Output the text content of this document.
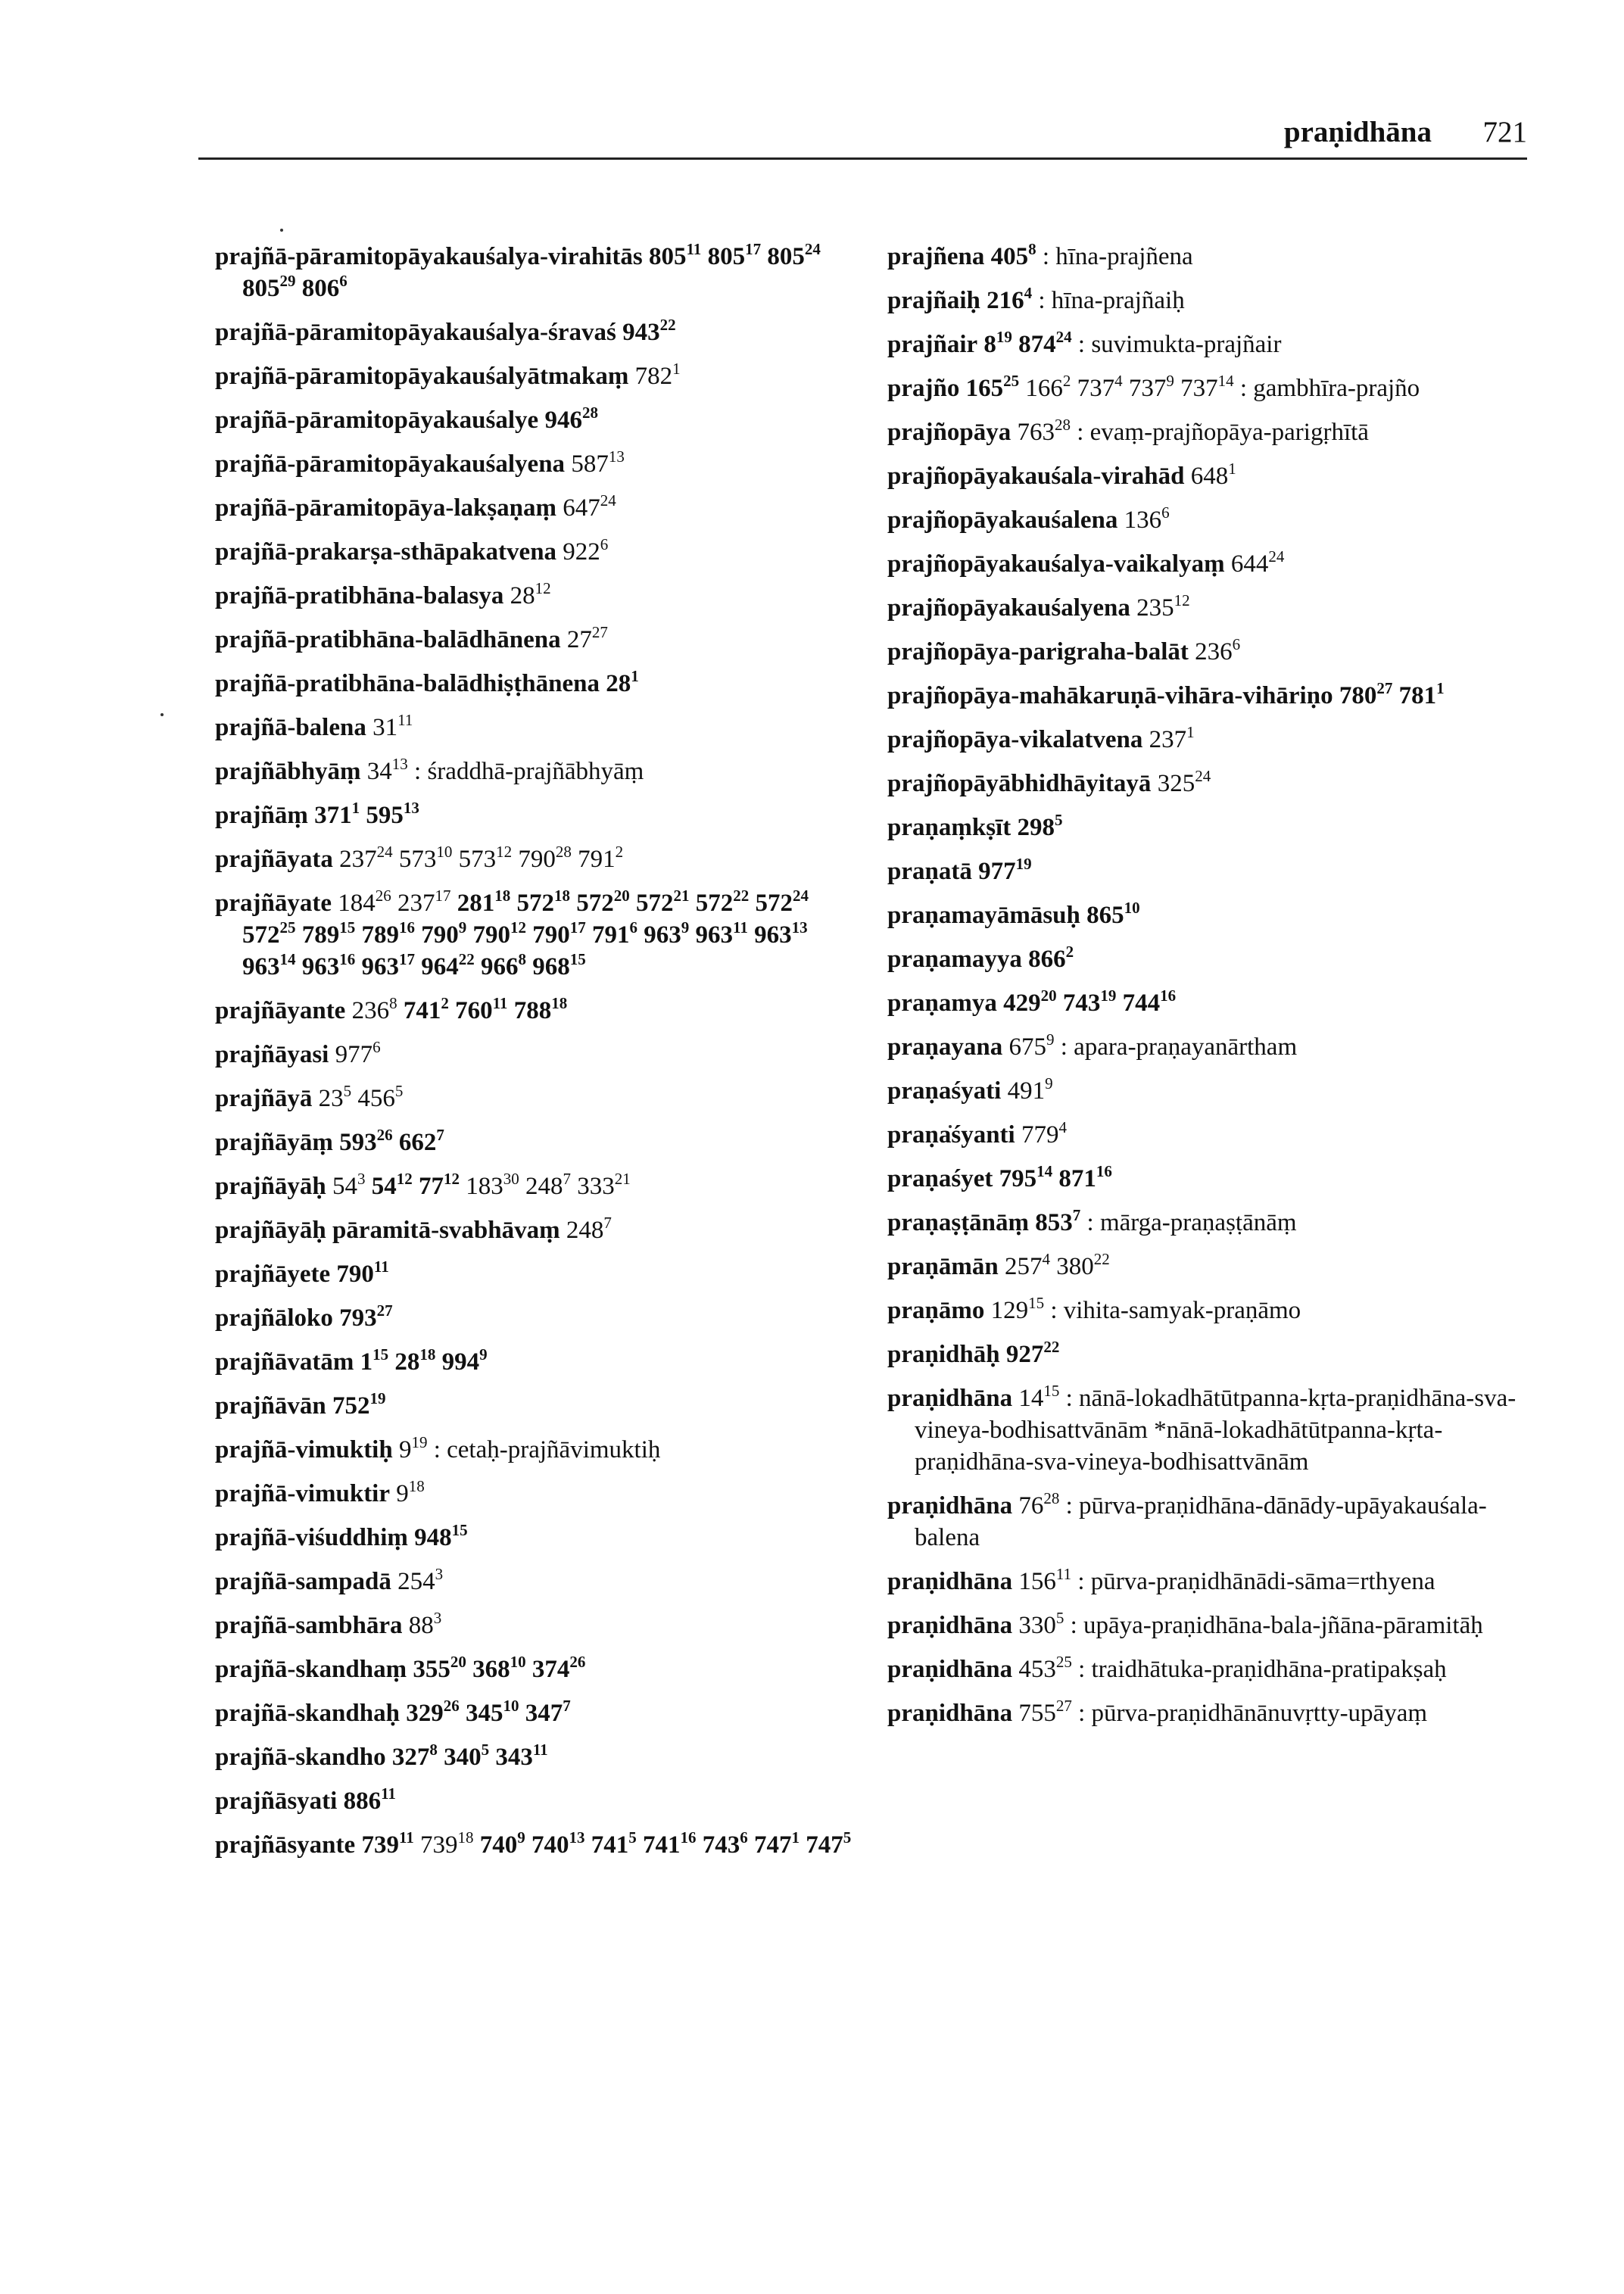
praṇidhāna 721
prajñā-pāramitopāyakauśalya-virahitās $805^{11}$ $805^{17}$ $805^{24}$ $805^{29}$ $806^6$
prajñā-pāramitopāyakauśalya-śravaś $943^{22}$
prajñā-pāramitopāyakauśalyātmakaṃ $782^1$
prajñā-pāramitopāyakauśalye $946^{28}$
prajñā-pāramitopāyakauśalyena $587^{13}$
prajñā-pāramitopāya-lakṣaṇaṃ $647^{24}$
prajñā-prakarṣa-sthāpakatvena $922^6$
prajñā-pratibhāna-balasya $28^{12}$
prajñā-pratibhāna-balādhānena $27^{27}$
prajñā-pratibhāna-balādhiṣṭhānena $28^1$
prajñā-balena $31^{11}$
prajñābhyāṃ $34^{13}$ : śraddhā-prajñābhyāṃ
prajñāṃ $371^1$ $595^{13}$
prajñāyata $237^{24}$ $573^{10}$ $573^{12}$ $790^{28}$ $791^2$
prajñāyate $184^{26}$ $237^{17}$ $281^{18}$ $572^{18}$ $572^{20}$ $572^{21}$ $572^{22}$ $572^{24}$ $572^{25}$ $789^{15}$ $789^{16}$ $790^9$ $790^{12}$ $790^{17}$ $791^6$ $963^9$ $963^{11}$ $963^{13}$ $963^{14}$ $963^{16}$ $963^{17}$ $964^{22}$ $966^8$ $968^{15}$
prajñāyante $236^8$ $741^2$ $760^{11}$ $788^{18}$
prajñāyasi $977^6$
prajñāyā $23^5$ $456^5$
prajñāyāṃ $593^{26}$ $662^7$
prajñāyāḥ $54^3$ $54^{12}$ $77^{12}$ $183^{30}$ $248^7$ $333^{21}$
prajñāyāḥ pāramitā-svabhāvaṃ $248^7$
prajñāyete $790^{11}$
prajñāloko $793^{27}$
prajñāvatām $1^{15}$ $28^{18}$ $994^9$
prajñāvān $752^{19}$
prajñā-vimuktiḥ $9^{19}$ : cetaḥ-prajñāvimuktiḥ
prajñā-vimuktir $9^{18}$
prajñā-viśuddhiṃ $948^{15}$
prajñā-sampadā $254^3$
prajñā-sambhāra $88^3$
prajñā-skandhaṃ $355^{20}$ $368^{10}$ $374^{26}$
prajñā-skandhaḥ $329^{26}$ $345^{10}$ $347^7$
prajñā-skandho $327^8$ $340^5$ $343^{11}$
prajñāsyati $886^{11}$
prajñāsyante $739^{11}$ $739^{18}$ $740^9$ $740^{13}$ $741^5$ $741^{16}$ $743^6$ $747^1$ $747^5$
prajñena $405^8$ : hīna-prajñena
prajñaiḥ $216^4$ : hīna-prajñaiḥ
prajñair $8^{19}$ $874^{24}$ : suvimukta-prajñair
prajño $165^{25}$ $166^2$ $737^4$ $737^9$ $737^{14}$ : gambhīra-prajño
prajñopāya $763^{28}$ : evaṃ-prajñopāya-parigṛhītā
prajñopāyakauśala-virahād $648^1$
prajñopāyakauśalena $136^6$
prajñopāyakauśalya-vaikalyaṃ $644^{24}$
prajñopāyakauśalyena $235^{12}$
prajñopāya-parigraha-balāt $236^6$
prajñopāya-mahākaruṇā-vihāra-vihāriṇo $780^{27}$ $781^1$
prajñopāya-vikalatvena $237^1$
prajñopāyābhidhāyitayā $325^{24}$
praṇaṃkṣīt $298^5$
praṇatā $977^{19}$
praṇamayāmāsuḥ $865^{10}$
praṇamayya $866^2$
praṇamya $429^{20}$ $743^{19}$ $744^{16}$
praṇayana $675^9$ : apara-praṇayanārtham
praṇaśyati $491^9$
praṇaśyanti $779^4$
praṇaśyet $795^{14}$ $871^{16}$
praṇaṣṭānāṃ $853^7$ : mārga-praṇaṣṭānāṃ
praṇāmān $257^4$ $380^{22}$
praṇāmo $129^{15}$ : vihita-samyak-praṇāmo
praṇidhāḥ $927^{22}$
praṇidhāna $14^{15}$ : nānā-lokadhātūtpanna-kṛta-praṇidhāna-sva-vineya-bodhisattvānām *nānā-lokadhātūtpanna-kṛta-praṇidhāna-sva-vineya-bodhisattvānām
praṇidhāna $76^{28}$ : pūrva-praṇidhāna-dānādy-upāyakauśala-balena
praṇidhāna $156^{11}$ : pūrva-praṇidhānādi-sāma=rthyena
praṇidhāna $330^5$ : upāya-praṇidhāna-bala-jñāna-pāramitāḥ
praṇidhāna $453^{25}$ : traidhātuka-praṇidhāna-pratipakṣaḥ
praṇidhāna $755^{27}$ : pūrva-praṇidhānānuvṛtty-upāyaṃ
